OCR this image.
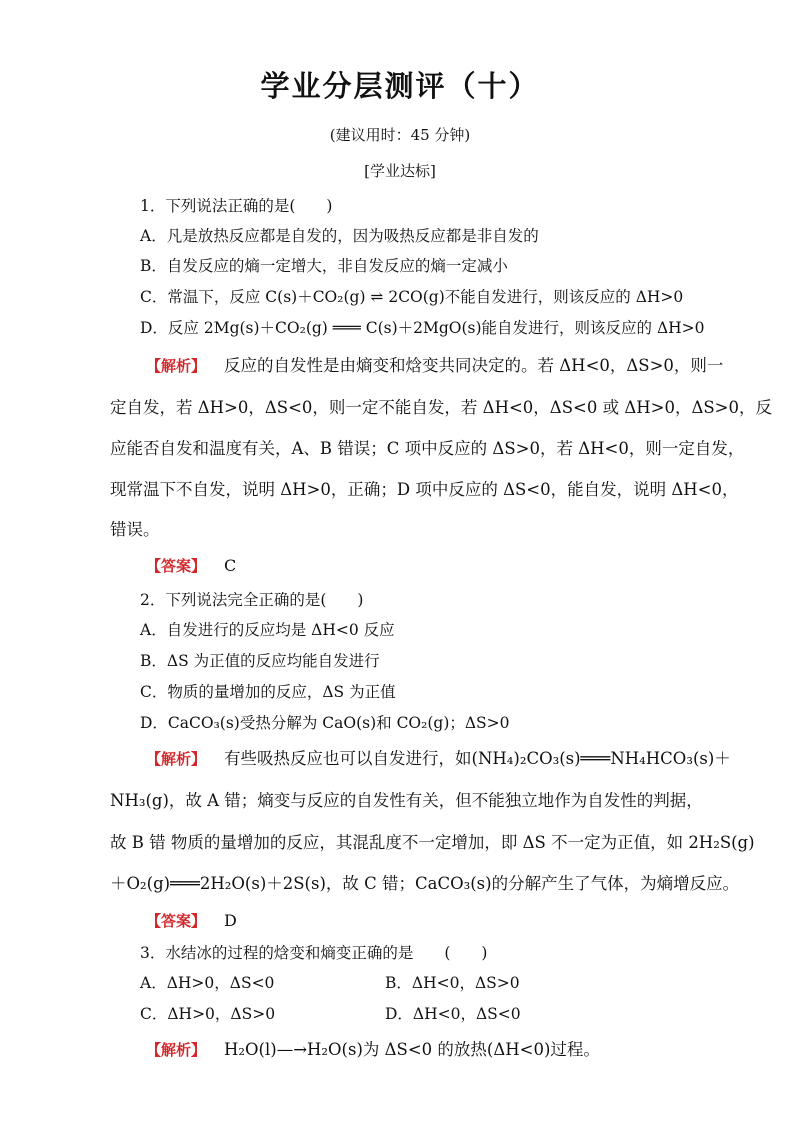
学业分层测评（十）
(建议用时：45 分钟)
[学业达标]
1．下列说法正确的是(　　)
A．凡是放热反应都是自发的，因为吸热反应都是非自发的
B．自发反应的熵一定增大，非自发反应的熵一定减小
C．常温下，反应 C(s)＋CO₂(g) ⇌ 2CO(g)不能自发进行，则该反应的 ΔH>0
D．反应 2Mg(s)＋CO₂(g) ═══ C(s)＋2MgO(s)能自发进行，则该反应的 ΔH>0
【解析】 反应的自发性是由熵变和焓变共同决定的。若 ΔH<0，ΔS>0，则一
定自发，若 ΔH>0，ΔS<0，则一定不能自发，若 ΔH<0，ΔS<0 或 ΔH>0，ΔS>0，反
应能否自发和温度有关，A、B 错误；C 项中反应的 ΔS>0，若 ΔH<0，则一定自发，
现常温下不自发，说明 ΔH>0，正确；D 项中反应的 ΔS<0，能自发，说明 ΔH<0，
错误。
【答案】 C
2．下列说法完全正确的是(　　)
A．自发进行的反应均是 ΔH<0 反应
B．ΔS 为正值的反应均能自发进行
C．物质的量增加的反应，ΔS 为正值
D．CaCO₃(s)受热分解为 CaO(s)和 CO₂(g)；ΔS>0
【解析】 有些吸热反应也可以自发进行，如(NH₄)₂CO₃(s)═══NH₄HCO₃(s)＋
NH₃(g)，故 A 错；熵变与反应的自发性有关，但不能独立地作为自发性的判据，
故 B 错 物质的量增加的反应，其混乱度不一定增加，即 ΔS 不一定为正值，如 2H₂S(g)
＋O₂(g)═══2H₂O(s)＋2S(s)，故 C 错；CaCO₃(s)的分解产生了气体，为熵增反应。
【答案】 D
3．水结冰的过程的焓变和熵变正确的是　　(　　)
A．ΔH>0，ΔS<0	B．ΔH<0，ΔS>0
C．ΔH>0，ΔS>0	D．ΔH<0，ΔS<0
【解析】 H₂O(l)—→H₂O(s)为 ΔS<0 的放热(ΔH<0)过程。
